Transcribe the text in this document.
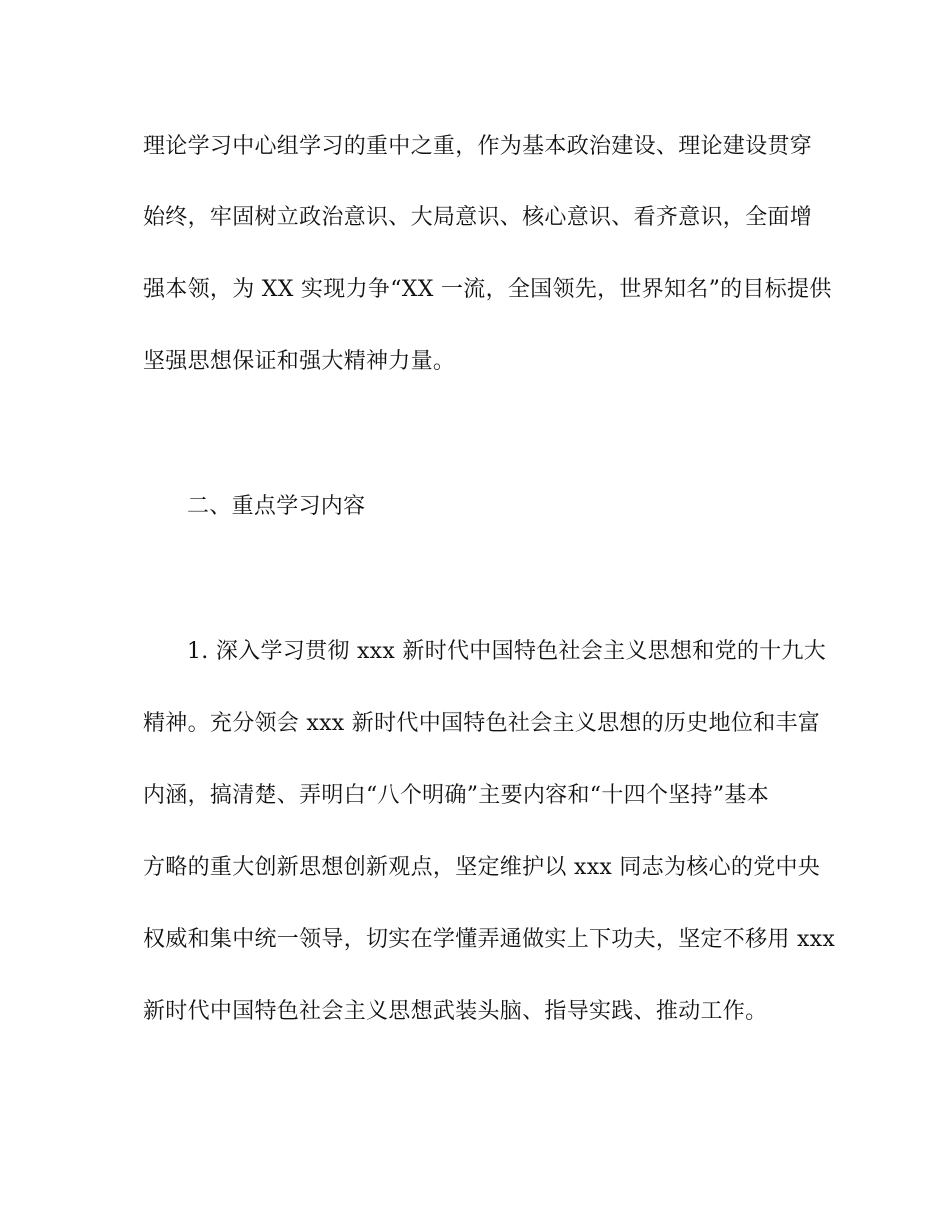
理论学习中心组学习的重中之重，作为基本政治建设、理论建设贯穿
始终，牢固树立政治意识、大局意识、核心意识、看齐意识，全面增
强本领，为 XX 实现力争“XX 一流，全国领先，世界知名”的目标提供
坚强思想保证和强大精神力量。
二、重点学习内容
1. 深入学习贯彻 xxx 新时代中国特色社会主义思想和党的十九大
精神。充分领会 xxx 新时代中国特色社会主义思想的历史地位和丰富
内涵，搞清楚、弄明白“八个明确”主要内容和“十四个坚持”基本
方略的重大创新思想创新观点，坚定维护以 xxx 同志为核心的党中央
权威和集中统一领导，切实在学懂弄通做实上下功夫，坚定不移用 xxx
新时代中国特色社会主义思想武装头脑、指导实践、推动工作。
